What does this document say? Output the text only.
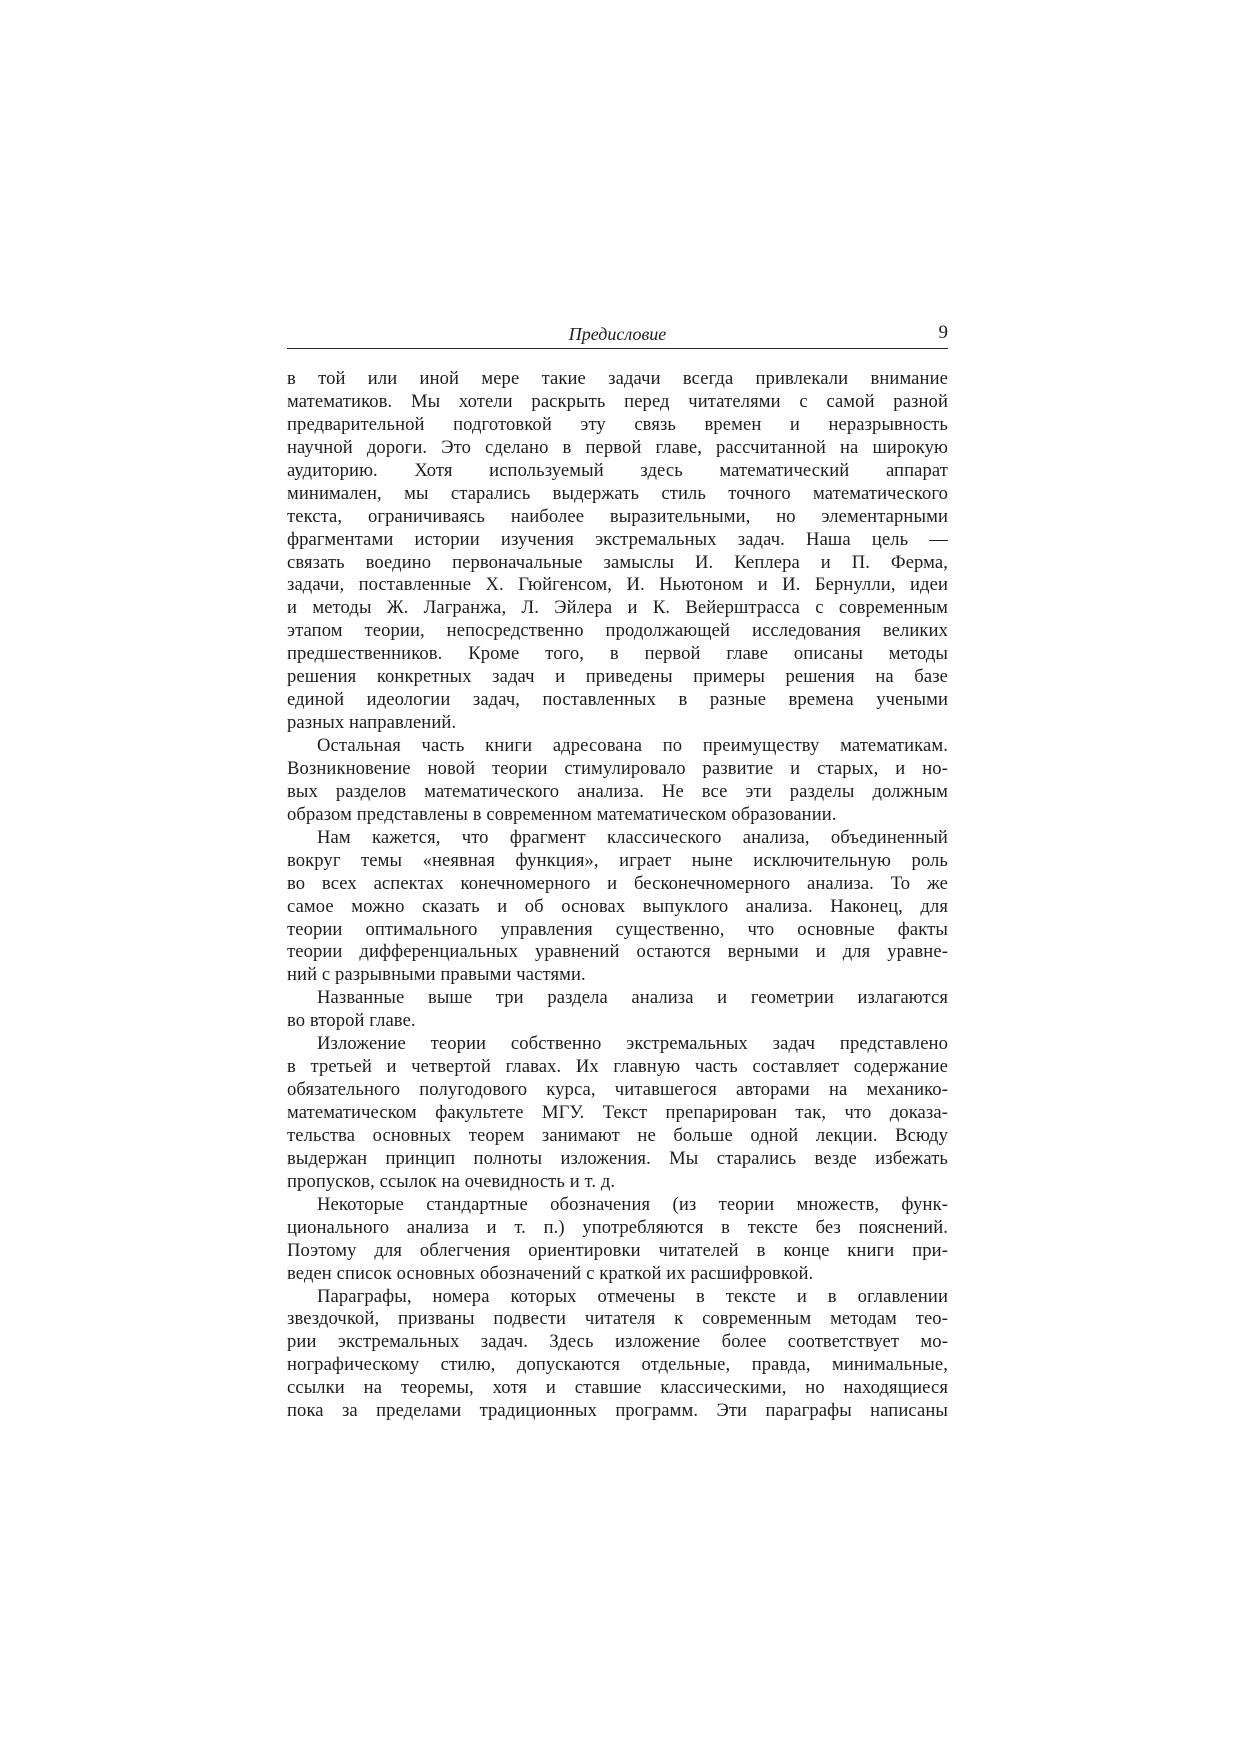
Предисловие	9
в той или иной мере такие задачи всегда привлекали внимание
математиков. Мы хотели раскрыть перед читателями с самой разной
предварительной подготовкой эту связь времен и неразрывность
научной дороги. Это сделано в первой главе, рассчитанной на широкую
аудиторию. Хотя используемый здесь математический аппарат
минимален, мы старались выдержать стиль точного математического
текста, ограничиваясь наиболее выразительными, но элементарными
фрагментами истории изучения экстремальных задач. Наша цель —
связать воедино первоначальные замыслы И. Кеплера и П. Ферма,
задачи, поставленные Х. Гюйгенсом, И. Ньютоном и И. Бернулли, идеи
и методы Ж. Лагранжа, Л. Эйлера и К. Вейерштрасса с современным
этапом теории, непосредственно продолжающей исследования великих
предшественников. Кроме того, в первой главе описаны методы
решения конкретных задач и приведены примеры решения на базе
единой идеологии задач, поставленных в разные времена учеными
разных направлений.
Остальная часть книги адресована по преимуществу математикам.
Возникновение новой теории стимулировало развитие и старых, и но-
вых разделов математического анализа. Не все эти разделы должным
образом представлены в современном математическом образовании.
Нам кажется, что фрагмент классического анализа, объединенный
вокруг темы «неявная функция», играет ныне исключительную роль
во всех аспектах конечномерного и бесконечномерного анализа. То же
самое можно сказать и об основах выпуклого анализа. Наконец, для
теории оптимального управления существенно, что основные факты
теории дифференциальных уравнений остаются верными и для уравне-
ний с разрывными правыми частями.
Названные выше три раздела анализа и геометрии излагаются
во второй главе.
Изложение теории собственно экстремальных задач представлено
в третьей и четвертой главах. Их главную часть составляет содержание
обязательного полугодового курса, читавшегося авторами на механико-
математическом факультете МГУ. Текст препарирован так, что доказа-
тельства основных теорем занимают не больше одной лекции. Всюду
выдержан принцип полноты изложения. Мы старались везде избежать
пропусков, ссылок на очевидность и т. д.
Некоторые стандартные обозначения (из теории множеств, функ-
ционального анализа и т. п.) употребляются в тексте без пояснений.
Поэтому для облегчения ориентировки читателей в конце книги при-
веден список основных обозначений с краткой их расшифровкой.
Параграфы, номера которых отмечены в тексте и в оглавлении
звездочкой, призваны подвести читателя к современным методам тео-
рии экстремальных задач. Здесь изложение более соответствует мо-
нографическому стилю, допускаются отдельные, правда, минимальные,
ссылки на теоремы, хотя и ставшие классическими, но находящиеся
пока за пределами традиционных программ. Эти параграфы написаны
